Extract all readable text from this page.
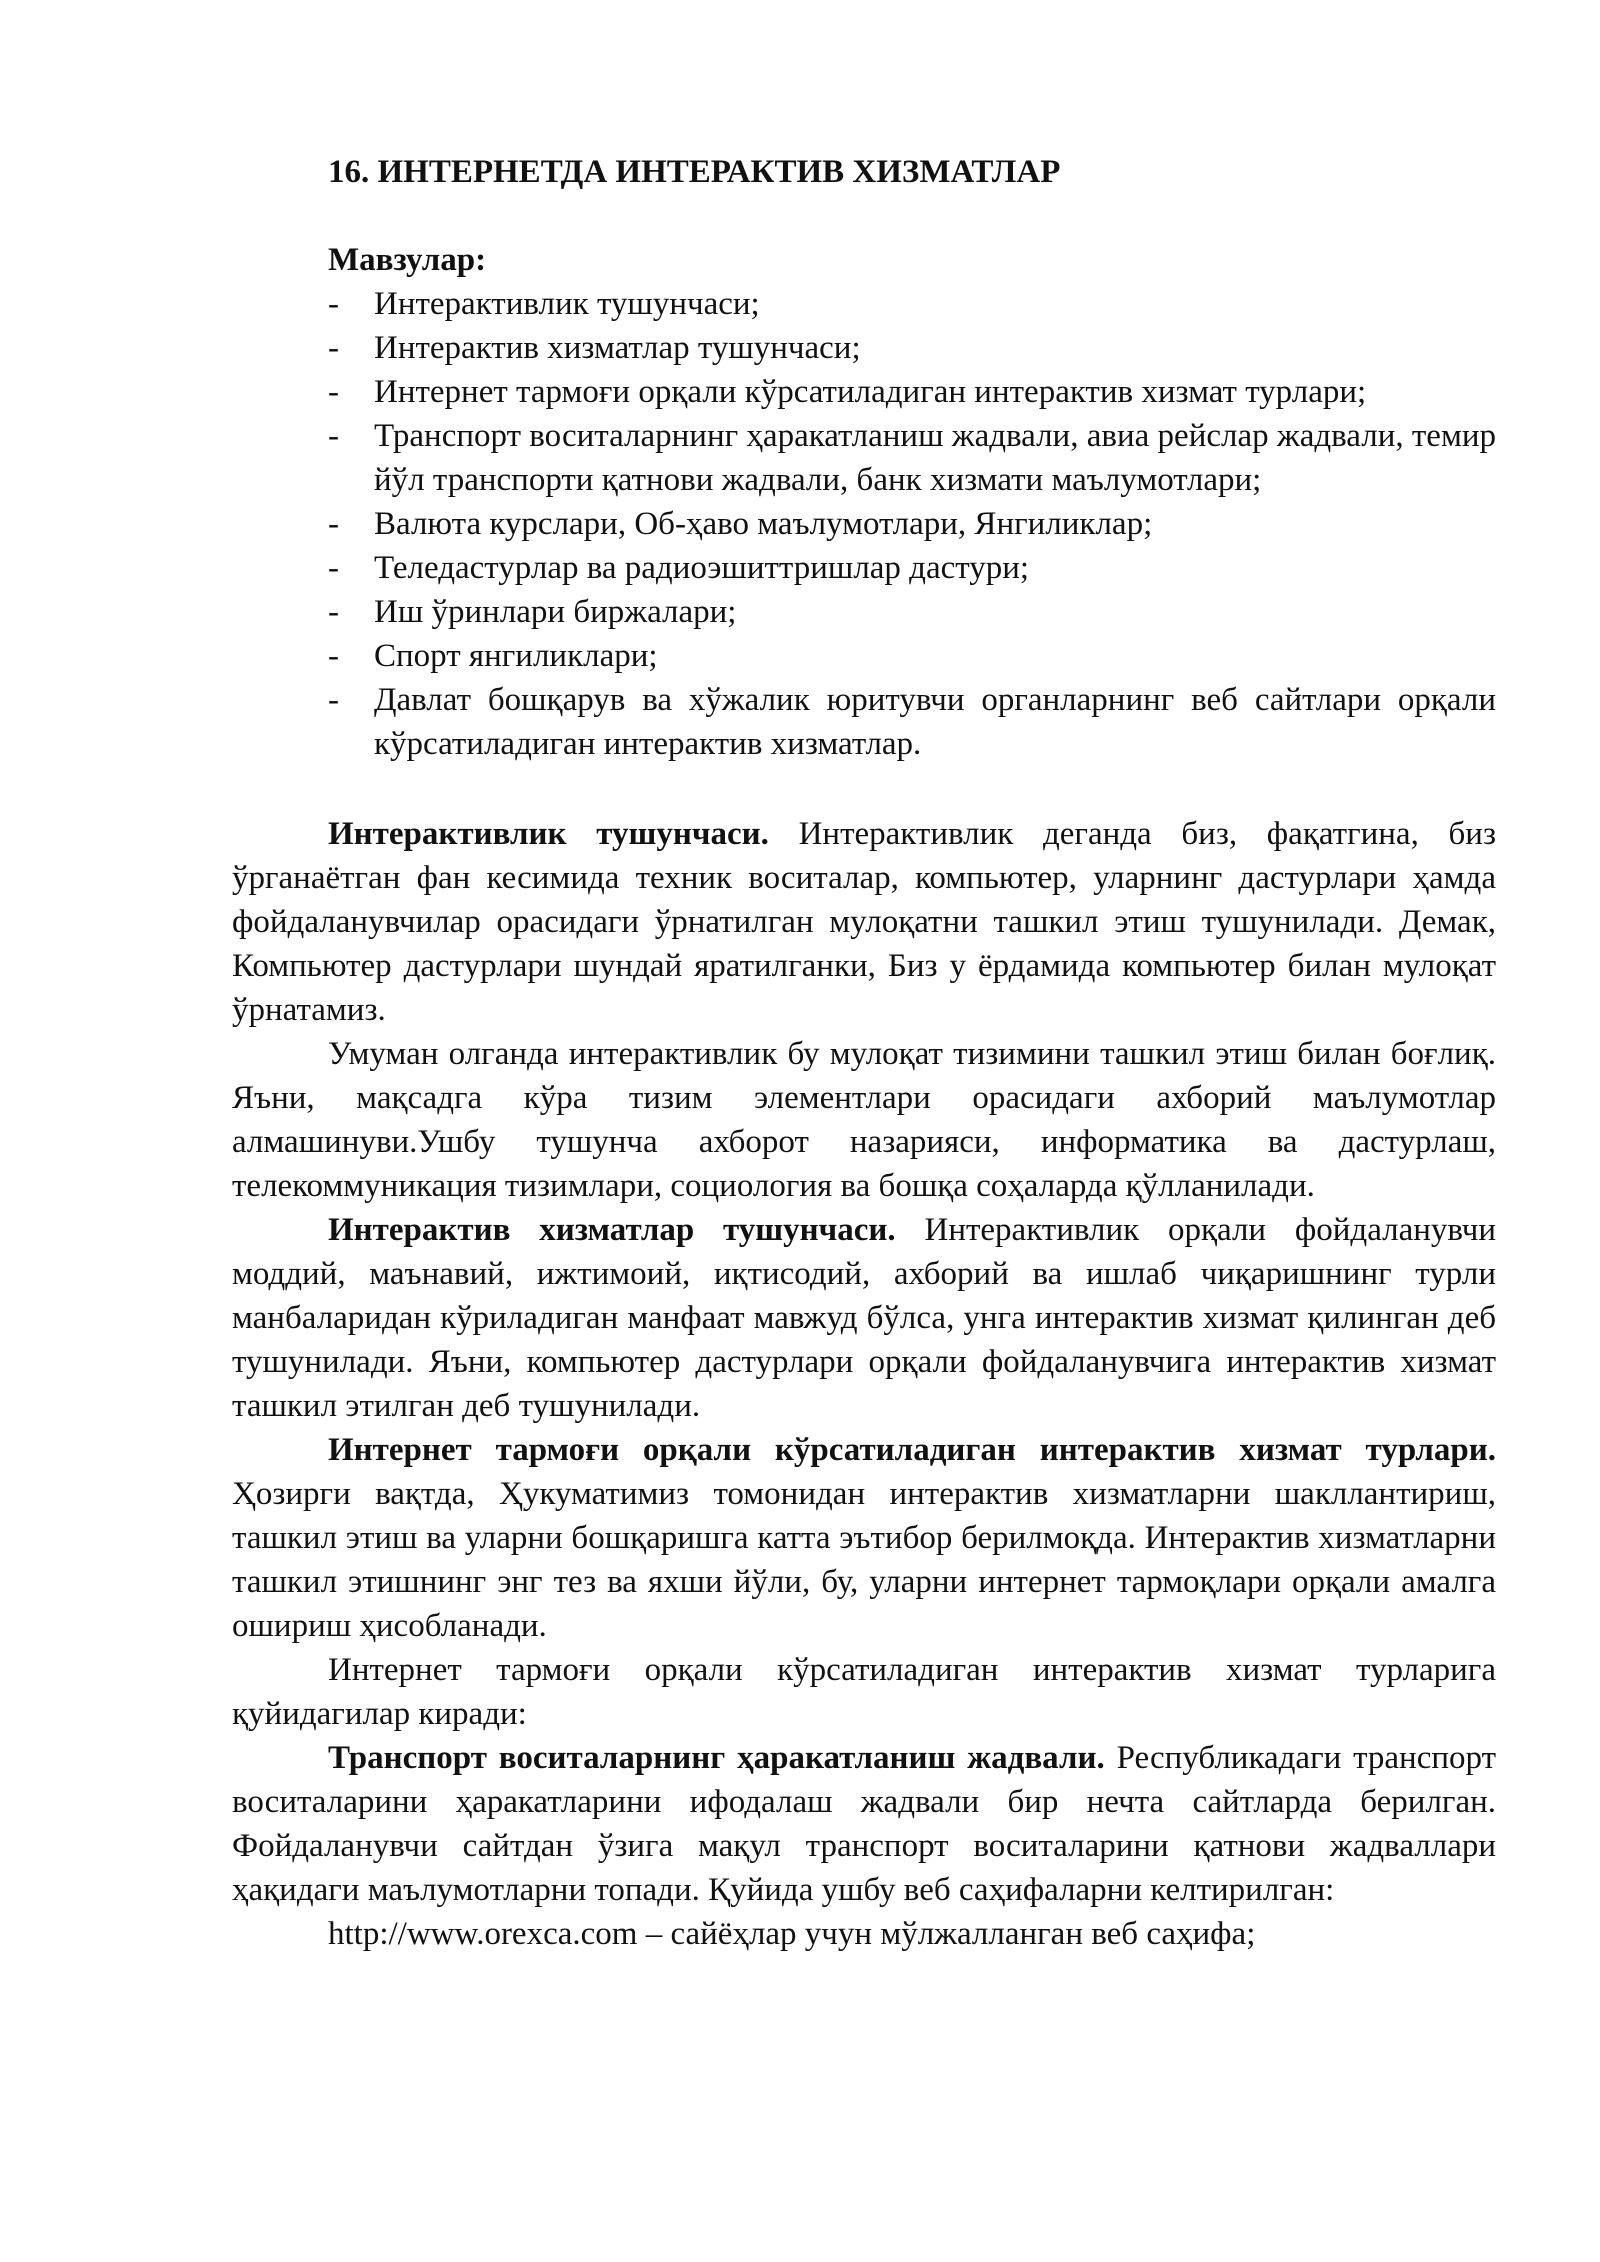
16. ИНТЕРНЕТДА ИНТЕРАКТИВ ХИЗМАТЛАР
Мавзулар:
-	Интерактивлик тушунчаси;
-	Интерактив хизматлар тушунчаси;
-	Интернет тармоғи орқали кўрсатиладиган интерактив хизмат турлари;
-	Транспорт воситаларнинг ҳаракатланиш жадвали, авиа рейслар жадвали, темир йўл транспорти қатнови жадвали, банк хизмати маълумотлари;
-	Валюта курслари, Об-ҳаво маълумотлари, Янгиликлар;
-	Теледастурлар ва радиоэшиттришлар дастури;
-	Иш ўринлари биржалари;
-	Спорт янгиликлари;
-	Давлат бошқарув ва хўжалик юритувчи органларнинг веб сайтлари орқали кўрсатиладиган интерактив хизматлар.

Интерактивлик тушунчаси. Интерактивлик деганда биз, фақатгина, биз ўрганаётган фан кесимида техник воситалар, компьютер, уларнинг дастурлари ҳамда фойдаланувчилар орасидаги ўрнатилган мулоқатни ташкил этиш тушунилади. Демак, Компьютер дастурлари шундай яратилганки, Биз у ёрдамида компьютер билан мулоқат ўрнатамиз.

Умуман олганда интерактивлик бу мулоқат тизимини ташкил этиш билан боғлиқ. Яъни, мақсадга кўра тизим элементлари орасидаги ахборий маълумотлар алмашинуви.Ушбу тушунча ахборот назарияси, информатика ва дастурлаш, телекоммуникация тизимлари, социология ва бошқа соҳаларда қўлланилади.

Интерактив хизматлар тушунчаси. Интерактивлик орқали фойдаланувчи моддий, маънавий, ижтимоий, иқтисодий, ахборий ва ишлаб чиқаришнинг турли манбаларидан кўриладиган манфаат мавжуд бўлса, унга интерактив хизмат қилинган деб тушунилади. Яъни, компьютер дастурлари орқали фойдаланувчига интерактив хизмат ташкил этилган деб тушунилади.

Интернет тармоғи орқали кўрсатиладиган интерактив хизмат турлари. Ҳозирги вақтда, Ҳукуматимиз томонидан интерактив хизматларни шакллантириш, ташкил этиш ва уларни бошқаришга катта эътибор берилмоқда. Интерактив хизматларни ташкил этишнинг энг тез ва яхши йўли, бу, уларни интернет тармоқлари орқали амалга ошириш ҳисобланади.

Интернет тармоғи орқали кўрсатиладиган интерактив хизмат турларига қуйидагилар киради:

Транспорт воситаларнинг ҳаракатланиш жадвали. Республикадаги транспорт воситаларини ҳаракатларини ифодалаш жадвали бир нечта сайтларда берилган. Фойдаланувчи сайтдан ўзига мақул транспорт воситаларини қатнови жадваллари ҳақидаги маълумотларни топади. Қуйида ушбу веб саҳифаларни келтирилган:

http://www.orexca.com – сайёҳлар учун мўлжалланган веб саҳифа;
